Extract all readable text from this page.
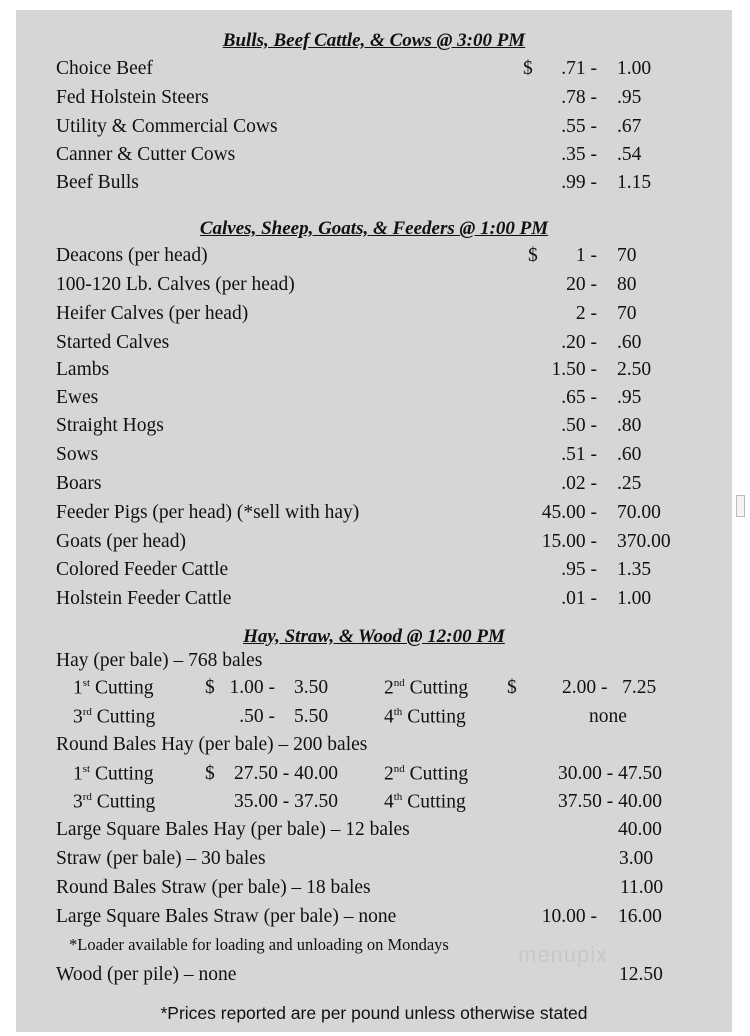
Bulls, Beef Cattle, & Cows @ 3:00 PM
Choice Beef	$ .71 - 1.00
Fed Holstein Steers	.78 - .95
Utility & Commercial Cows	.55 - .67
Canner & Cutter Cows	.35 - .54
Beef Bulls	.99 - 1.15
Calves, Sheep, Goats, & Feeders @ 1:00 PM
Deacons (per head)	$ 1 - 70
100-120 Lb. Calves (per head)	20 - 80
Heifer Calves (per head)	2 - 70
Started Calves	.20 - .60
Lambs	1.50 - 2.50
Ewes	.65 - .95
Straight Hogs	.50 - .80
Sows	.51 - .60
Boars	.02 - .25
Feeder Pigs (per head) (*sell with hay)	45.00 - 70.00
Goats (per head)	15.00 - 370.00
Colored Feeder Cattle	.95 - 1.35
Holstein Feeder Cattle	.01 - 1.00
Hay, Straw, & Wood @ 12:00 PM
Hay (per bale) – 768 bales
1st Cutting	$ 1.00 - 3.50	2nd Cutting $ 2.00 -   7.25
3rd Cutting	.50 - 5.50	4th Cutting	none
Round Bales Hay (per bale) – 200 bales
1st Cutting	$ 27.50 - 40.00 2nd Cutting	30.00 - 47.50
3rd Cutting	35.00 - 37.50 4th Cutting	37.50 - 40.00
Large Square Bales Hay (per bale) – 12 bales	40.00
Straw (per bale) – 30 bales	3.00
Round Bales Straw (per bale) – 18 bales	11.00
Large Square Bales Straw (per bale) – none	10.00 - 16.00
*Loader available for loading and unloading on Mondays	menupix
Wood (per pile) – none	12.50
*Prices reported are per pound unless otherwise stated
